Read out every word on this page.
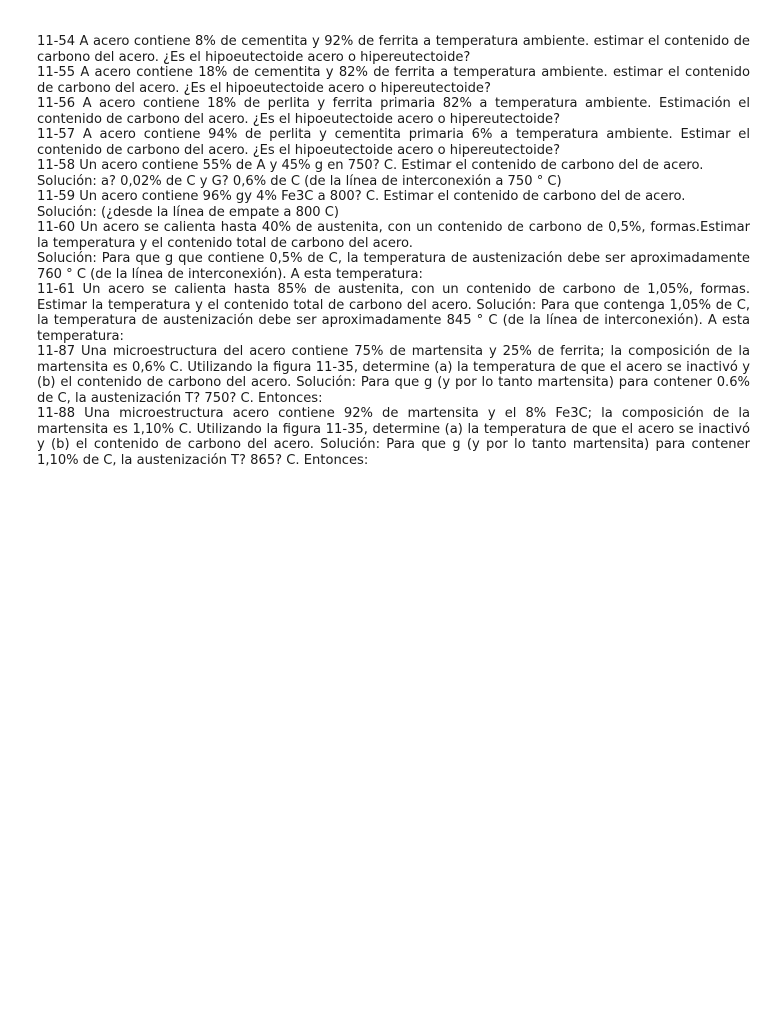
11-54 A acero contiene 8% de cementita y 92% de ferrita a temperatura ambiente. estimar el contenido de carbono del acero. ¿Es el hipoeutectoide acero o hipereutectoide?

11-55 A acero contiene 18% de cementita y 82% de ferrita a temperatura ambiente. estimar el contenido de carbono del acero. ¿Es el hipoeutectoide acero o hipereutectoide?

11-56 A acero contiene 18% de perlita y ferrita primaria 82% a temperatura ambiente. Estimación el contenido de carbono del acero. ¿Es el hipoeutectoide acero o hipereutectoide?

11-57 A acero contiene 94% de perlita y cementita primaria 6% a temperatura ambiente. Estimar el contenido de carbono del acero. ¿Es el hipoeutectoide acero o hipereutectoide?

11-58 Un acero contiene 55% de A y 45% g en 750? C. Estimar el contenido de carbono del de acero.

Solución: a? 0,02% de C y G? 0,6% de C (de la línea de interconexión a 750 ° C)

11-59 Un acero contiene 96% gy 4% Fe3C a 800? C. Estimar el contenido de carbono del de acero.

Solución: (¿desde la línea de empate a 800 C)

11-60 Un acero se calienta hasta 40% de austenita, con un contenido de carbono de 0,5%, formas.Estimar la temperatura y el contenido total de carbono del acero.

Solución: Para que g que contiene 0,5% de C, la temperatura de austenización debe ser aproximadamente 760 ° C (de la línea de interconexión). A esta temperatura:

11-61 Un acero se calienta hasta 85% de austenita, con un contenido de carbono de 1,05%, formas. Estimar la temperatura y el contenido total de carbono del acero. Solución: Para que contenga 1,05% de C, la temperatura de austenización debe ser aproximadamente 845 ° C (de la línea de interconexión). A esta temperatura:

11-87 Una microestructura del acero contiene 75% de martensita y 25% de ferrita; la composición de la martensita es 0,6% C. Utilizando la figura 11-35, determine (a) la temperatura de que el acero se inactivó y (b) el contenido de carbono del acero. Solución: Para que g (y por lo tanto martensita) para contener 0.6% de C, la austenización T? 750? C. Entonces:

11-88 Una microestructura acero contiene 92% de martensita y el 8% Fe3C; la composición de la martensita es 1,10% C. Utilizando la figura 11-35, determine (a) la temperatura de que el acero se inactivó y (b) el contenido de carbono del acero. Solución: Para que g (y por lo tanto martensita) para contener 1,10% de C, la austenización T? 865? C. Entonces:
